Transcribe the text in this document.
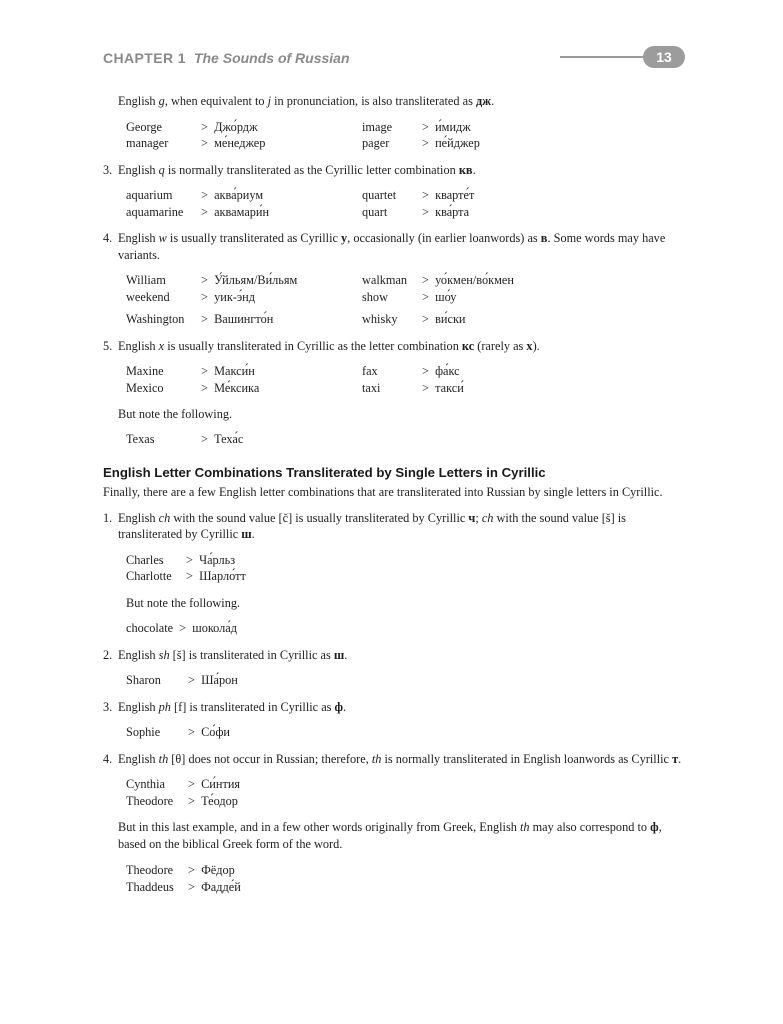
CHAPTER 1 The Sounds of Russian	13

English g, when equivalent to j in pronunciation, is also transliterated as дж.

George	> Джо́рдж	image	> и́мидж
manager	> ме́неджер	pager	> пе́йджер

3. English q is normally transliterated as the Cyrillic letter combination кв.

aquarium	> аква́риум	quartet	> кварте́т
aquamarine	> аквамари́н	quart	> ква́рта

4. English w is usually transliterated as Cyrillic у, occasionally (in earlier loanwords) as в. Some words may have variants.

William	> У́йльям/Ви́льям	walkman	> уо́кмен/во́кмен
weekend	> уик-э́нд	show	> шо́у
Washington	> Вашингто́н	whisky	> ви́ски

5. English x is usually transliterated in Cyrillic as the letter combination кс (rarely as х).

Maxine	> Макси́н	fax	> фа́кс
Mexico	> Ме́ксика	taxi	> такси́

But note the following.

Texas	> Теха́с

English Letter Combinations Transliterated by Single Letters in Cyrillic

Finally, there are a few English letter combinations that are transliterated into Russian by single letters in Cyrillic.

1. English ch with the sound value [č] is usually transliterated by Cyrillic ч; ch with the sound value [š] is transliterated by Cyrillic ш.

Charles	> Ча́рльз
Charlotte	> Шарло́тт

But note the following.

chocolate > шокола́д

2. English sh [š] is transliterated in Cyrillic as ш.

Sharon	> Ша́рон

3. English ph [f] is transliterated in Cyrillic as ф.

Sophie	> Со́фи

4. English th [θ] does not occur in Russian; therefore, th is normally transliterated in English loanwords as Cyrillic т.

Cynthia	> Си́нтия
Theodore	> Те́одор

But in this last example, and in a few other words originally from Greek, English th may also correspond to ф, based on the biblical Greek form of the word.

Theodore	> Фёдор
Thaddeus	> Фадде́й
